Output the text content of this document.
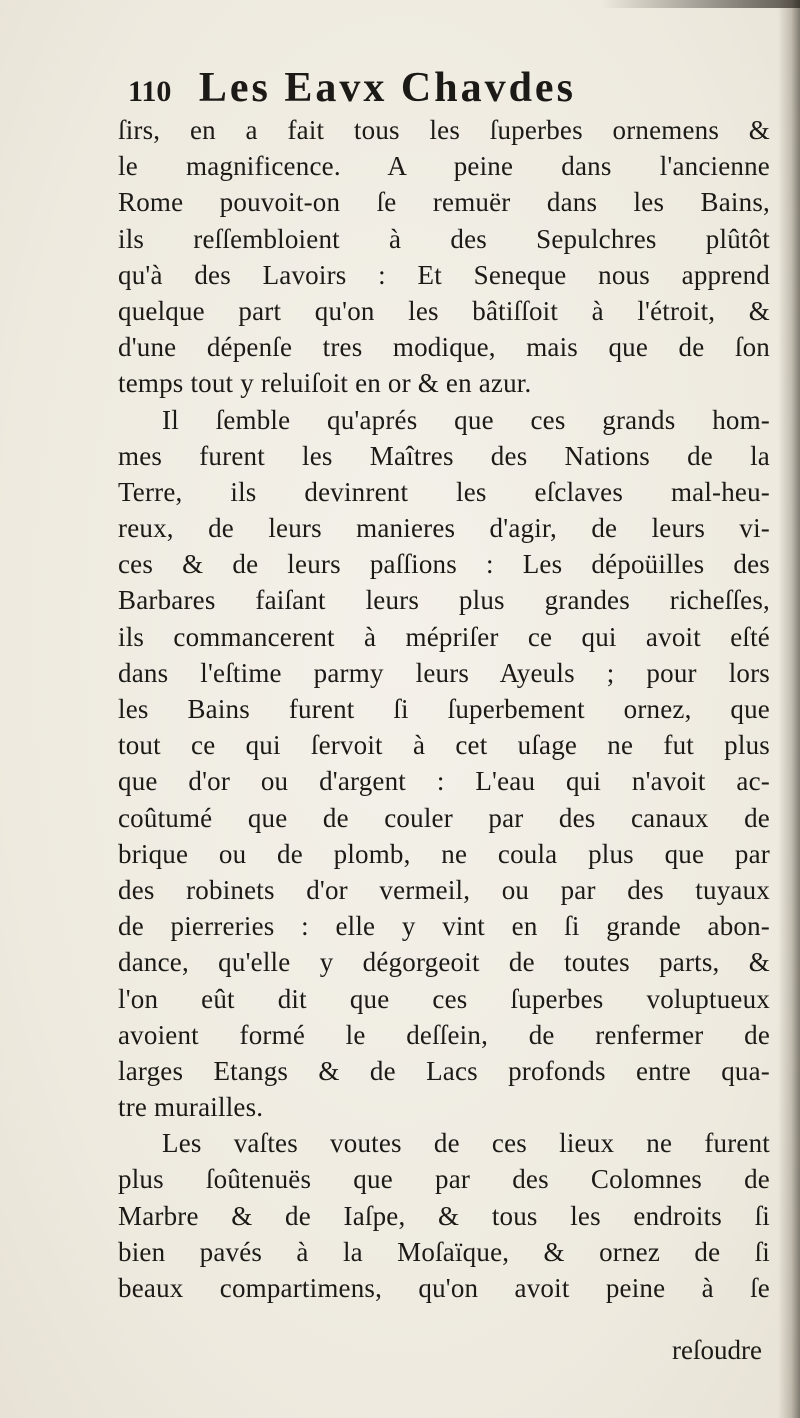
110 Les Eavx Chavdes
ſirs, en a fait tous les ſuperbes ornemens &
le magnificence. A peine dans l'ancienne
Rome pouvoit-on ſe remuër dans les Bains,
ils reſſembloient à des Sepulchres plûtôt
qu'à des Lavoirs : Et Seneque nous apprend
quelque part qu'on les bâtiſſoit à l'étroit, &
d'une dépenſe tres modique, mais que de ſon
temps tout y reluiſoit en or & en azur.
Il ſemble qu'aprés que ces grands hom-
mes furent les Maîtres des Nations de la
Terre, ils devinrent les eſclaves mal-heu-
reux, de leurs manieres d'agir, de leurs vi-
ces & de leurs paſſions : Les dépoüilles des
Barbares faiſant leurs plus grandes richeſſes,
ils commancerent à mépriſer ce qui avoit eſté
dans l'eſtime parmy leurs Ayeuls ; pour lors
les Bains furent ſi ſuperbement ornez, que
tout ce qui ſervoit à cet uſage ne fut plus
que d'or ou d'argent : L'eau qui n'avoit ac-
coûtumé que de couler par des canaux de
brique ou de plomb, ne coula plus que par
des robinets d'or vermeil, ou par des tuyaux
de pierreries : elle y vint en ſi grande abon-
dance, qu'elle y dégorgeoit de toutes parts, &
l'on eût dit que ces ſuperbes voluptueux
avoient formé le deſſein, de renfermer de
larges Etangs & de Lacs profonds entre qua-
tre murailles.
Les vaſtes voutes de ces lieux ne furent
plus ſoûtenuës que par des Colomnes de
Marbre & de Iaſpe, & tous les endroits ſi
bien pavés à la Moſaïque, & ornez de ſi
beaux compartimens, qu'on avoit peine à ſe
reſoudre
